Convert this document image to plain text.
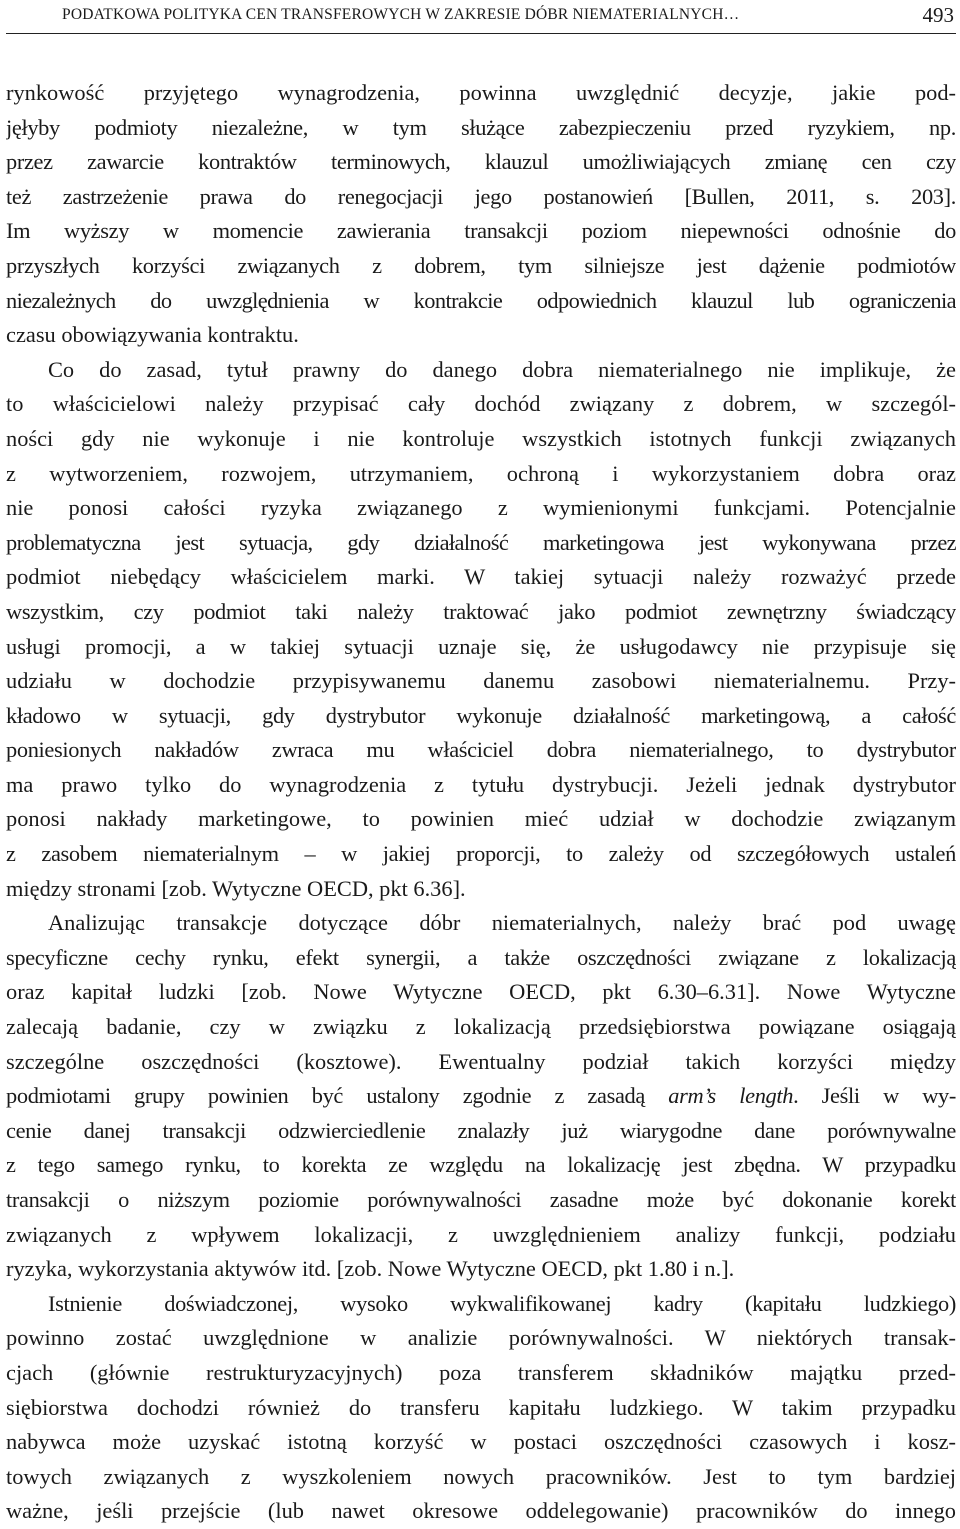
PODATKOWA POLITYKA CEN TRANSFEROWYCH W ZAKRESIE DÓBR NIEMATERIALNYCH…	493
rynkowość przyjętego wynagrodzenia, powinna uwzględnić decyzje, jakie pod-
jęłyby podmioty niezależne, w tym służące zabezpieczeniu przed ryzykiem, np.
przez zawarcie kontraktów terminowych, klauzul umożliwiających zmianę cen czy
też zastrzeżenie prawa do renegocjacji jego postanowień [Bullen, 2011, s. 203].
Im wyższy w momencie zawierania transakcji poziom niepewności odnośnie do
przyszłych korzyści związanych z dobrem, tym silniejsze jest dążenie podmiotów
niezależnych do uwzględnienia w kontrakcie odpowiednich klauzul lub ograniczenia
czasu obowiązywania kontraktu.
Co do zasad, tytuł prawny do danego dobra niematerialnego nie implikuje, że
to właścicielowi należy przypisać cały dochód związany z dobrem, w szczegól-
ności gdy nie wykonuje i nie kontroluje wszystkich istotnych funkcji związanych
z wytworzeniem, rozwojem, utrzymaniem, ochroną i wykorzystaniem dobra oraz
nie ponosi całości ryzyka związanego z wymienionymi funkcjami. Potencjalnie
problematyczna jest sytuacja, gdy działalność marketingowa jest wykonywana przez
podmiot niebędący właścicielem marki. W takiej sytuacji należy rozważyć przede
wszystkim, czy podmiot taki należy traktować jako podmiot zewnętrzny świadczący
usługi promocji, a w takiej sytuacji uznaje się, że usługodawcy nie przypisuje się
udziału w dochodzie przypisywanemu danemu zasobowi niematerialnemu. Przy-
kładowo w sytuacji, gdy dystrybutor wykonuje działalność marketingową, a całość
poniesionych nakładów zwraca mu właściciel dobra niematerialnego, to dystrybutor
ma prawo tylko do wynagrodzenia z tytułu dystrybucji. Jeżeli jednak dystrybutor
ponosi nakłady marketingowe, to powinien mieć udział w dochodzie związanym
z zasobem niematerialnym – w jakiej proporcji, to zależy od szczegółowych ustaleń
między stronami [zob. Wytyczne OECD, pkt 6.36].
Analizując transakcje dotyczące dóbr niematerialnych, należy brać pod uwagę
specyficzne cechy rynku, efekt synergii, a także oszczędności związane z lokalizacją
oraz kapitał ludzki [zob. Nowe Wytyczne OECD, pkt 6.30–6.31]. Nowe Wytyczne
zalecają badanie, czy w związku z lokalizacją przedsiębiorstwa powiązane osiągają
szczególne oszczędności (kosztowe). Ewentualny podział takich korzyści między
podmiotami grupy powinien być ustalony zgodnie z zasadą arm’s length. Jeśli w wy-
cenie danej transakcji odzwierciedlenie znalazły już wiarygodne dane porównywalne
z tego samego rynku, to korekta ze względu na lokalizację jest zbędna. W przypadku
transakcji o niższym poziomie porównywalności zasadne może być dokonanie korekt
związanych z wpływem lokalizacji, z uwzględnieniem analizy funkcji, podziału
ryzyka, wykorzystania aktywów itd. [zob. Nowe Wytyczne OECD, pkt 1.80 i n.].
Istnienie doświadczonej, wysoko wykwalifikowanej kadry (kapitału ludzkiego)
powinno zostać uwzględnione w analizie porównywalności. W niektórych transak-
cjach (głównie restrukturyzacyjnych) poza transferem składników majątku przed-
siębiorstwa dochodzi również do transferu kapitału ludzkiego. W takim przypadku
nabywca może uzyskać istotną korzyść w postaci oszczędności czasowych i kosz-
towych związanych z wyszkoleniem nowych pracowników. Jest to tym bardziej
ważne, jeśli przejście (lub nawet okresowe oddelegowanie) pracowników do innego
